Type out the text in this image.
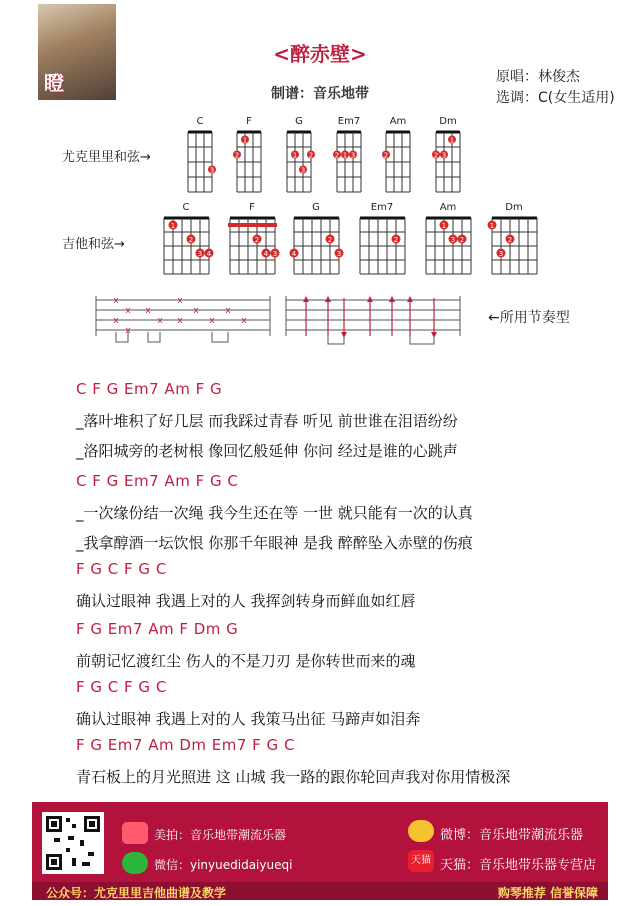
瞪
<醉赤壁>
原唱：林俊杰
选调：C(女生适用)
制谱：音乐地带
尤克里里和弦→
吉他和弦→
C
3
F
1
2
G
1 2
3
Em7
2 1 3
Am
2
Dm
2 3
1
C
1
2
3 4
F
3
4
2
G
2
3
4
Em7
2
Am
1
3 2
Dm
1
2
3
x
x
x
x
x
x
x
x
x
x
x
x	←所用节奏型
C F G Em7 Am F G
_落叶堆积了好几层 而我踩过青春 听见 前世谁在泪语纷纷
_洛阳城旁的老树根 像回忆般延伸 你问 经过是谁的心跳声
C F G Em7 Am F G C
_一次缘份结一次绳 我今生还在等 一世 就只能有一次的认真
_我拿醇酒一坛饮恨 你那千年眼神 是我 醉醉坠入赤壁的伤痕
F G C F G C
确认过眼神 我遇上对的人 我挥剑转身而鲜血如红唇
F G Em7 Am F Dm G
前朝记忆渡红尘 伤人的不是刀刃 是你转世而来的魂
F G C F G C
确认过眼神 我遇上对的人 我策马出征 马蹄声如泪奔
F G Em7 Am Dm Em7 F G C
青石板上的月光照进 这 山城 我一路的跟你轮回声我对你用情极深
美拍：音乐地带潮流乐器
微信：yinyuedidaiyueqi
微博：音乐地带潮流乐器
天猫 天猫：音乐地带乐器专营店
公众号：尤克里里吉他曲谱及教学	购琴推荐 信誉保障
